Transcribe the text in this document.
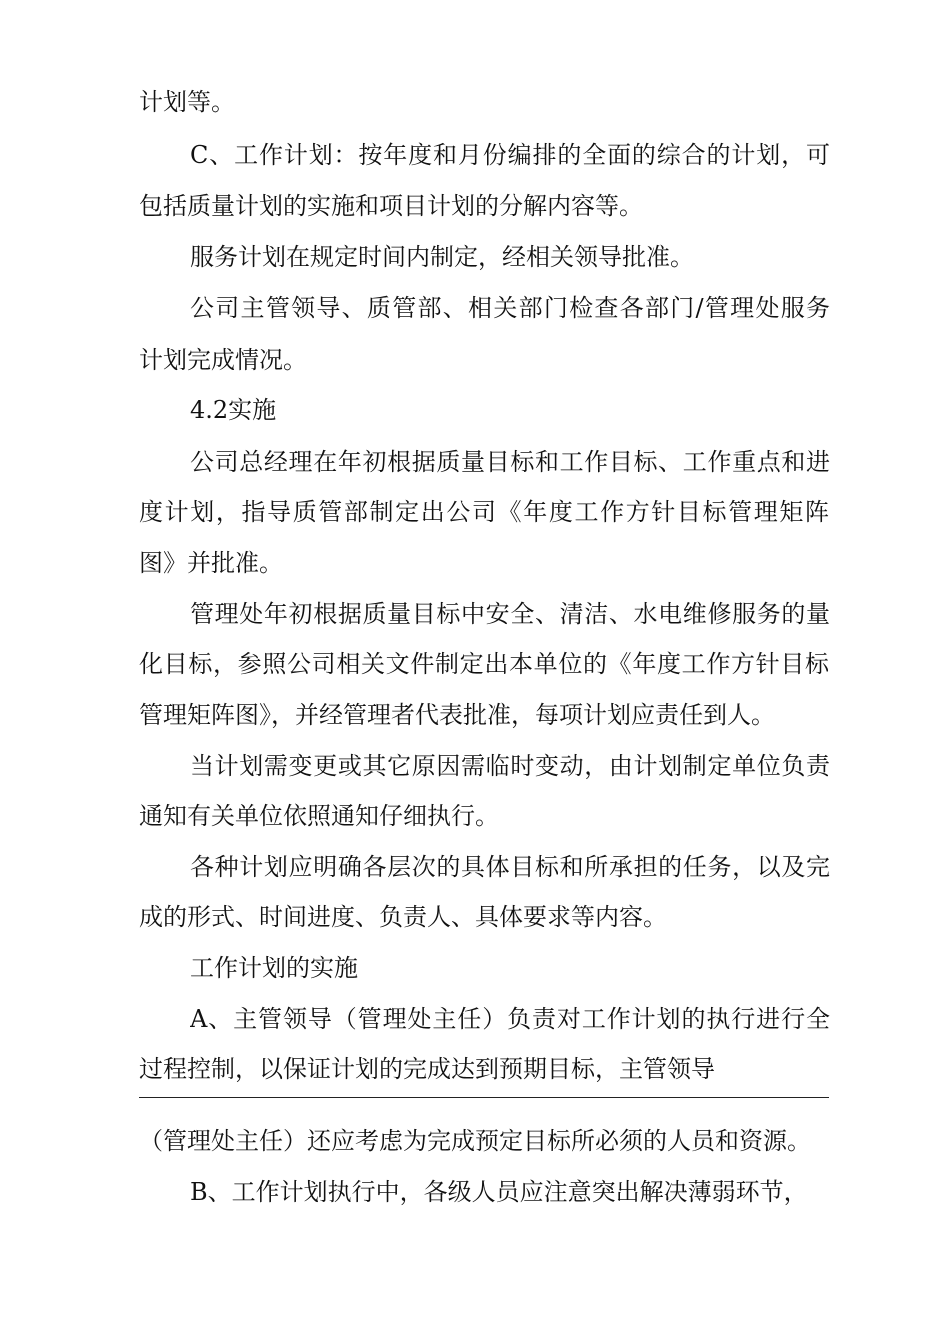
计划等。
C、工作计划：按年度和月份编排的全面的综合的计划，可
包括质量计划的实施和项目计划的分解内容等。
服务计划在规定时间内制定，经相关领导批准。
公司主管领导、质管部、相关部门检查各部门/管理处服务
计划完成情况。
4.2实施
公司总经理在年初根据质量目标和工作目标、工作重点和进
度计划，指导质管部制定出公司《年度工作方针目标管理矩阵
图》并批准。
管理处年初根据质量目标中安全、清洁、水电维修服务的量
化目标，参照公司相关文件制定出本单位的《年度工作方针目标
管理矩阵图》，并经管理者代表批准，每项计划应责任到人。
当计划需变更或其它原因需临时变动，由计划制定单位负责
通知有关单位依照通知仔细执行。
各种计划应明确各层次的具体目标和所承担的任务，以及完
成的形式、时间进度、负责人、具体要求等内容。
工作计划的实施
A、主管领导（管理处主任）负责对工作计划的执行进行全
过程控制，以保证计划的完成达到预期目标，主管领导
（管理处主任）还应考虑为完成预定目标所必须的人员和资源。
B、工作计划执行中，各级人员应注意突出解决薄弱环节，
